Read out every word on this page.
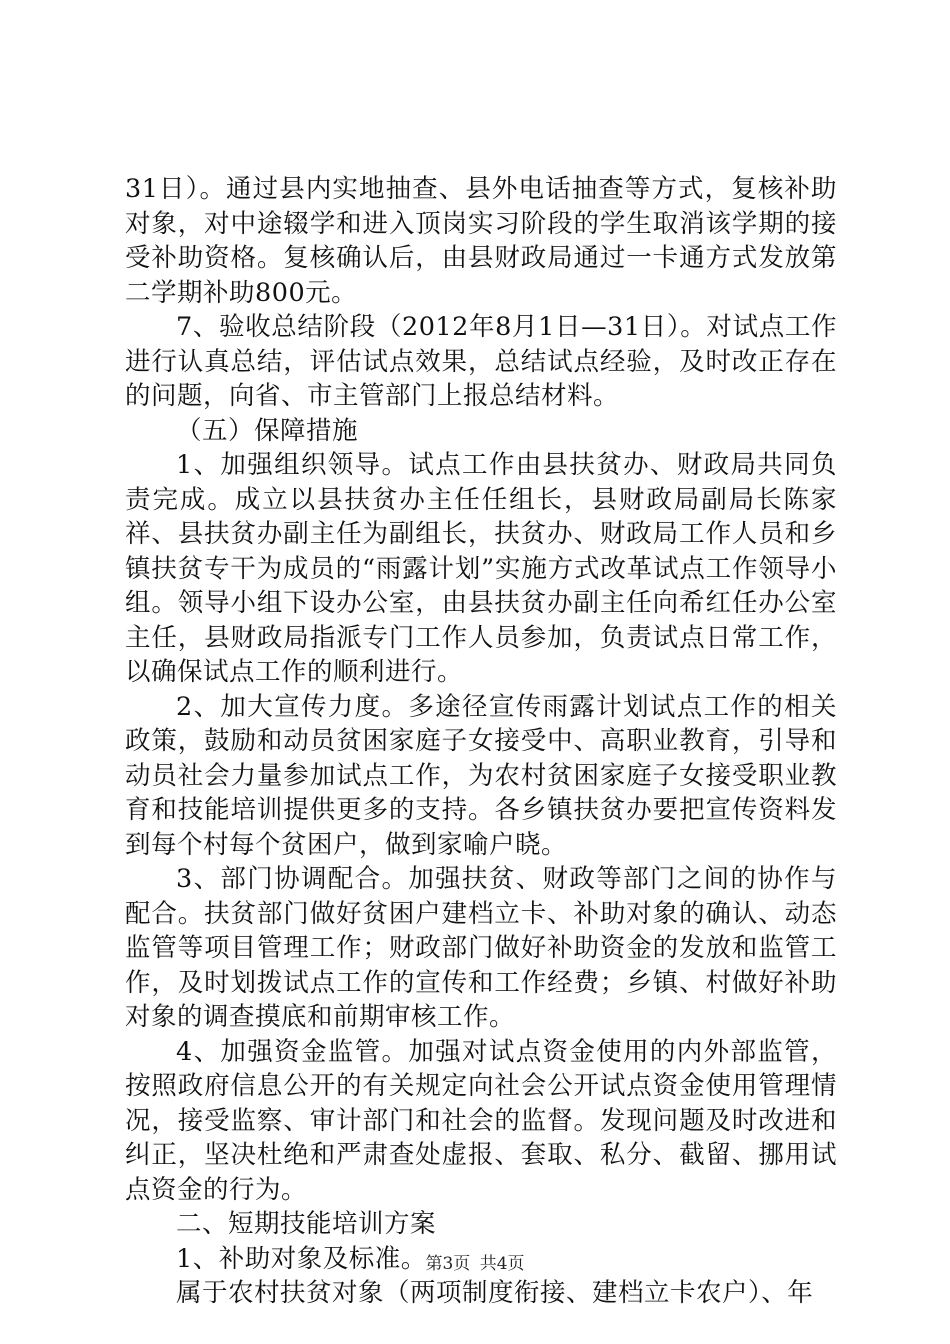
31日）。通过县内实地抽查、县外电话抽查等方式，复核补助对象，对中途辍学和进入顶岗实习阶段的学生取消该学期的接受补助资格。复核确认后，由县财政局通过一卡通方式发放第二学期补助800元。

7、验收总结阶段（2012年8月1日—31日）。对试点工作进行认真总结，评估试点效果，总结试点经验，及时改正存在的问题，向省、市主管部门上报总结材料。

（五）保障措施

1、加强组织领导。试点工作由县扶贫办、财政局共同负责完成。成立以县扶贫办主任任组长，县财政局副局长陈家祥、县扶贫办副主任为副组长，扶贫办、财政局工作人员和乡镇扶贫专干为成员的“雨露计划”实施方式改革试点工作领导小组。领导小组下设办公室，由县扶贫办副主任向希红任办公室主任，县财政局指派专门工作人员参加，负责试点日常工作，以确保试点工作的顺利进行。

2、加大宣传力度。多途径宣传雨露计划试点工作的相关政策，鼓励和动员贫困家庭子女接受中、高职业教育，引导和动员社会力量参加试点工作，为农村贫困家庭子女接受职业教育和技能培训提供更多的支持。各乡镇扶贫办要把宣传资料发到每个村每个贫困户，做到家喻户晓。

3、部门协调配合。加强扶贫、财政等部门之间的协作与配合。扶贫部门做好贫困户建档立卡、补助对象的确认、动态监管等项目管理工作；财政部门做好补助资金的发放和监管工作，及时划拨试点工作的宣传和工作经费；乡镇、村做好补助对象的调查摸底和前期审核工作。

4、加强资金监管。加强对试点资金使用的内外部监管，按照政府信息公开的有关规定向社会公开试点资金使用管理情况，接受监察、审计部门和社会的监督。发现问题及时改进和纠正，坚决杜绝和严肃查处虚报、套取、私分、截留、挪用试点资金的行为。

二、短期技能培训方案

1、补助对象及标准。

属于农村扶贫对象（两项制度衔接、建档立卡农户）、年

第3页 共4页
